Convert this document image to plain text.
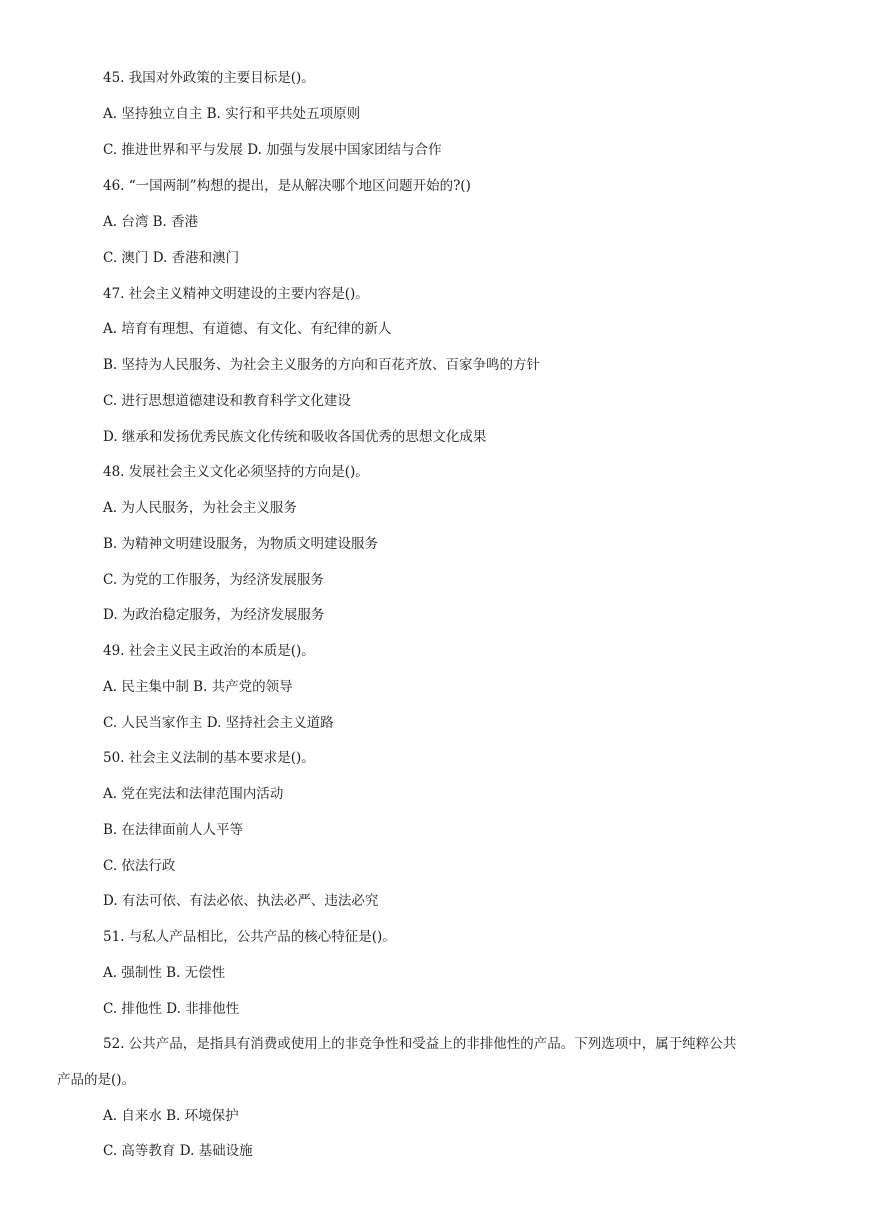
45. 我国对外政策的主要目标是()。
A. 坚持独立自主 B. 实行和平共处五项原则
C. 推进世界和平与发展 D. 加强与发展中国家团结与合作
46. “一国两制”构想的提出，是从解决哪个地区问题开始的?()
A. 台湾 B. 香港
C. 澳门 D. 香港和澳门
47. 社会主义精神文明建设的主要内容是()。
A. 培育有理想、有道德、有文化、有纪律的新人
B. 坚持为人民服务、为社会主义服务的方向和百花齐放、百家争鸣的方针
C. 进行思想道德建设和教育科学文化建设
D. 继承和发扬优秀民族文化传统和吸收各国优秀的思想文化成果
48. 发展社会主义文化必须坚持的方向是()。
A. 为人民服务，为社会主义服务
B. 为精神文明建设服务，为物质文明建设服务
C. 为党的工作服务，为经济发展服务
D. 为政治稳定服务，为经济发展服务
49. 社会主义民主政治的本质是()。
A. 民主集中制 B. 共产党的领导
C. 人民当家作主 D. 坚持社会主义道路
50. 社会主义法制的基本要求是()。
A. 党在宪法和法律范围内活动
B. 在法律面前人人平等
C. 依法行政
D. 有法可依、有法必依、执法必严、违法必究
51. 与私人产品相比，公共产品的核心特征是()。
A. 强制性 B. 无偿性
C. 排他性 D. 非排他性
52. 公共产品，是指具有消费或使用上的非竞争性和受益上的非排他性的产品。下列选项中，属于纯粹公共
产品的是()。
A. 自来水 B. 环境保护
C. 高等教育 D. 基础设施
